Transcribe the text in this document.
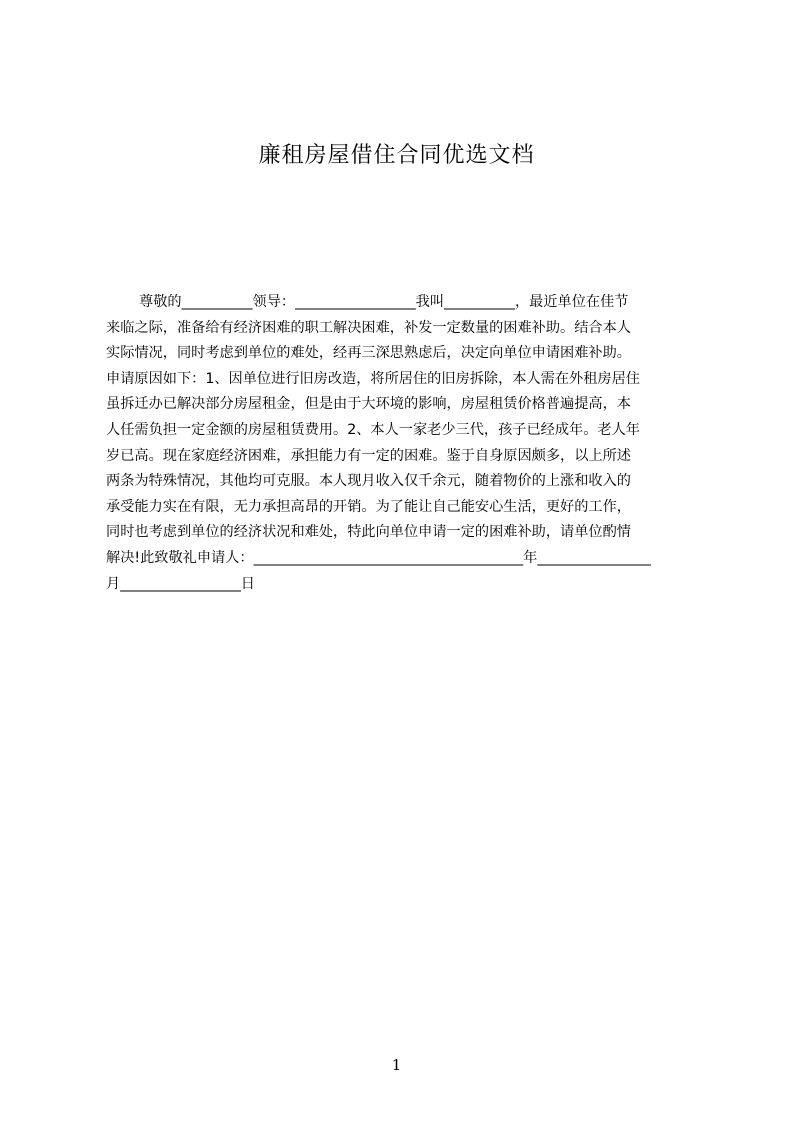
廉租房屋借住合同优选文档
尊敬的__________领导：_________________我叫__________，最近单位在佳节
来临之际，准备给有经济困难的职工解决困难，补发一定数量的困难补助。结合本人
实际情况，同时考虑到单位的难处，经再三深思熟虑后，决定向单位申请困难补助。
申请原因如下：1、因单位进行旧房改造，将所居住的旧房拆除，本人需在外租房居住
虽拆迁办已解决部分房屋租金，但是由于大环境的影响，房屋租赁价格普遍提高，本
人任需负担一定金额的房屋租赁费用。2、本人一家老少三代，孩子已经成年。老人年
岁已高。现在家庭经济困难，承担能力有一定的困难。鉴于自身原因颇多，以上所述
两条为特殊情况，其他均可克服。本人现月收入仅千余元，随着物价的上涨和收入的
承受能力实在有限，无力承担高昂的开销。为了能让自己能安心生活，更好的工作，
同时也考虑到单位的经济状况和难处，特此向单位申请一定的困难补助，请单位酌情
解决!此致敬礼申请人：______________________________________年________________
月_________________日
1
